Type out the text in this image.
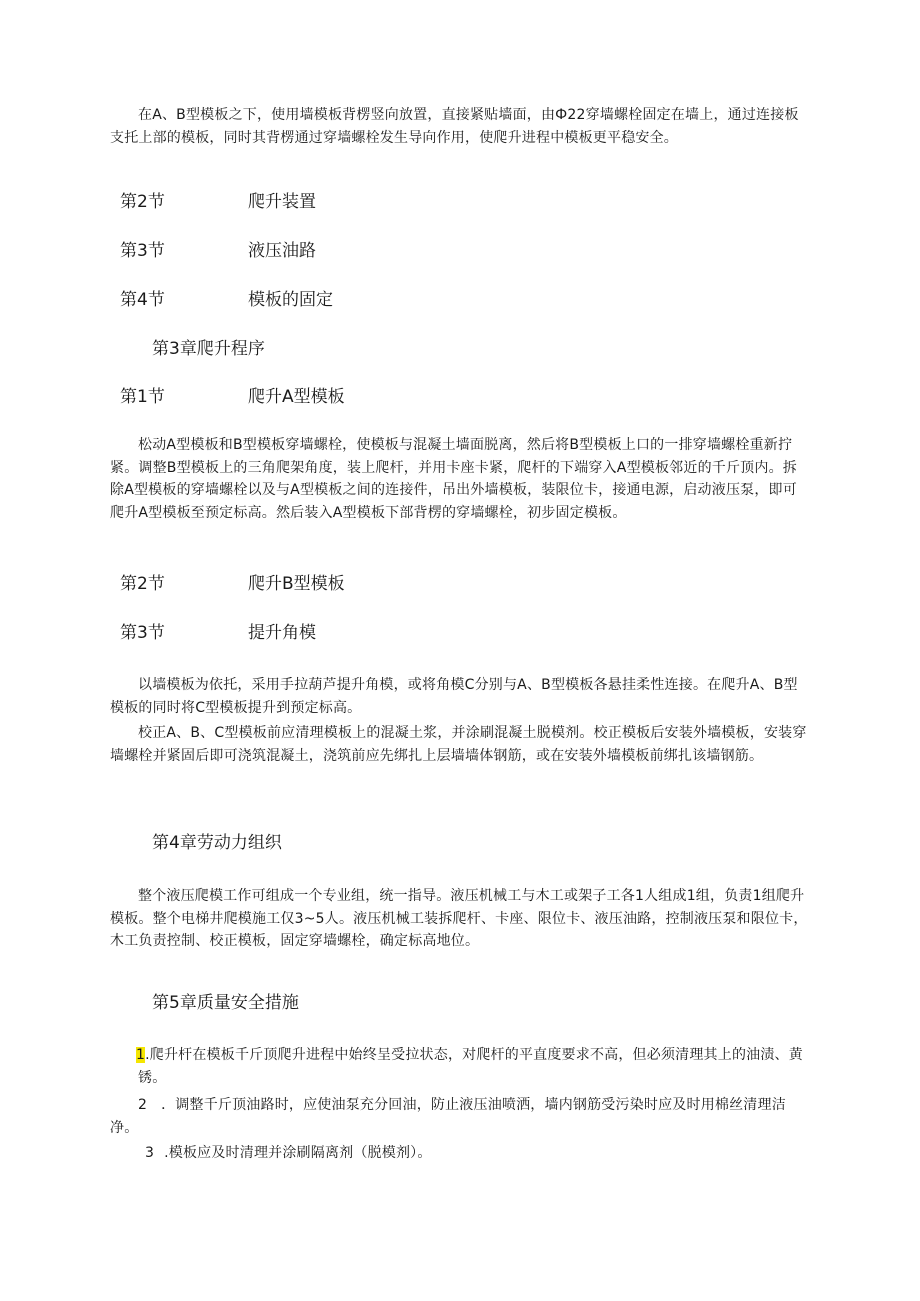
在A、B型模板之下，使用墙模板背楞竖向放置，直接紧贴墙面，由Ф22穿墙螺栓固定在墙上，通过连接板支托上部的模板，同时其背楞通过穿墙螺栓发生导向作用，使爬升进程中模板更平稳安全。

第2节	爬升装置
第3节	液压油路
第4节	模板的固定
第3章爬升程序
第1节	爬升A型模板

松动A型模板和B型模板穿墙螺栓，使模板与混凝土墙面脱离，然后将B型模板上口的一排穿墙螺栓重新拧紧。调整B型模板上的三角爬架角度，装上爬杆，并用卡座卡紧，爬杆的下端穿入A型模板邻近的千斤顶内。拆除A型模板的穿墙螺栓以及与A型模板之间的连接件，吊出外墙模板，装限位卡，接通电源，启动液压泵，即可爬升A型模板至预定标高。然后装入A型模板下部背楞的穿墙螺栓，初步固定模板。

第2节	爬升B型模板
第3节	提升角模

以墙模板为依托，采用手拉葫芦提升角模，或将角模C分别与A、B型模板各悬挂柔性连接。在爬升A、B型模板的同时将C型模板提升到预定标高。

校正A、B、C型模板前应清理模板上的混凝土浆，并涂刷混凝土脱模剂。校正模板后安装外墙模板，安装穿墙螺栓并紧固后即可浇筑混凝土，浇筑前应先绑扎上层墙墙体钢筋，或在安装外墙模板前绑扎该墙钢筋。

第4章劳动力组织

整个液压爬模工作可组成一个专业组，统一指导。液压机械工与木工或架子工各1人组成1组，负责1组爬升模板。整个电梯井爬模施工仅3~5人。液压机械工装拆爬杆、卡座、限位卡、液压油路，控制液压泵和限位卡，木工负责控制、校正模板，固定穿墙螺栓，确定标高地位。

第5章质量安全措施

1.爬升杆在模板千斤顶爬升进程中始终呈受拉状态，对爬杆的平直度要求不高，但必须清理其上的油渍、黄锈。

2 ．调整千斤顶油路时，应使油泵充分回油，防止液压油喷洒，墙内钢筋受污染时应及时用棉丝清理洁净。

3 .模板应及时清理并涂刷隔离剂（脱模剂）。
